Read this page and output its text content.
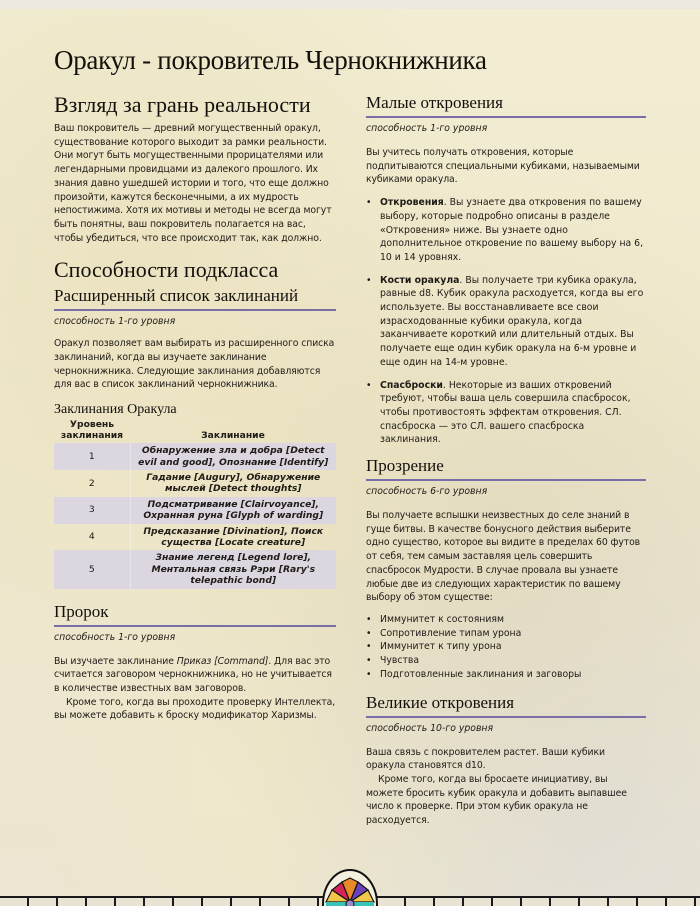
Оракул - покровитель Чернокнижника
Взгляд за грань реальности

Ваш покровитель — древний могущественный оракул, существование которого выходит за рамки реальности. Они могут быть могущественными прорицателями или легендарными провидцами из далекого прошлого. Их знания давно ушедшей истории и того, что еще должно произойти, кажутся бесконечными, а их мудрость непостижима. Хотя их мотивы и методы не всегда могут быть понятны, ваш покровитель полагается на вас, чтобы убедиться, что все происходит так, как должно.

Способности подкласса
Расширенный список заклинаний
способность 1-го уровня

Оракул позволяет вам выбирать из расширенного списка заклинаний, когда вы изучаете заклинание чернокнижника. Следующие заклинания добавляются для вас в список заклинаний чернокнижника.

Заклинания Оракула
Уровень заклинания	Заклинание
1	Обнаружение зла и добра [Detect evil and good], Опознание [Identify]
2	Гадание [Augury], Обнаружение мыслей [Detect thoughts]
3	Подсматривание [Clairvoyance], Охранная руна [Glyph of warding]
4	Предсказание [Divination], Поиск существа [Locate creature]
5	Знание легенд [Legend lore], Ментальная связь Рэри [Rary's telepathic bond]
Пророк
способность 1-го уровня

Вы изучаете заклинание Приказ [Command]. Для вас это считается заговором чернокнижника, но не учитывается в количестве известных вам заговоров.

Кроме того, когда вы проходите проверку Интеллекта, вы можете добавить к броску модификатор Харизмы.

Малые откровения
способность 1-го уровня

Вы учитесь получать откровения, которые подпитываются специальными кубиками, называемыми кубиками оракула.

• Откровения. Вы узнаете два откровения по вашему выбору, которые подробно описаны в разделе «Откровения» ниже. Вы узнаете одно дополнительное откровение по вашему выбору на 6, 10 и 14 уровнях.
• Кости оракула. Вы получаете три кубика оракула, равные d8. Кубик оракула расходуется, когда вы его используете. Вы восстанавливаете все свои израсходованные кубики оракула, когда заканчиваете короткий или длительный отдых. Вы получаете еще один кубик оракула на 6-м уровне и еще один на 14-м уровне.
• Спасброски. Некоторые из ваших откровений требуют, чтобы ваша цель совершила спасбросок, чтобы противостоять эффектам откровения. СЛ. спасброска — это СЛ. вашего спасброска заклинания.
Прозрение
способность 6-го уровня

Вы получаете вспышки неизвестных до селе знаний в гуще битвы. В качестве бонусного действия выберите одно существо, которое вы видите в пределах 60 футов от себя, тем самым заставляя цель совершить спасбросок Мудрости. В случае провала вы узнаете любые две из следующих характеристик по вашему выбору об этом существе:

• Иммунитет к состояниям
• Сопротивление типам урона
• Иммунитет к типу урона
• Чувства
• Подготовленные заклинания и заговоры
Великие откровения
способность 10-го уровня

Ваша связь с покровителем растет. Ваши кубики оракула становятся d10.

Кроме того, когда вы бросаете инициативу, вы можете бросить кубик оракула и добавить выпавшее число к проверке. При этом кубик оракула не расходуется.
